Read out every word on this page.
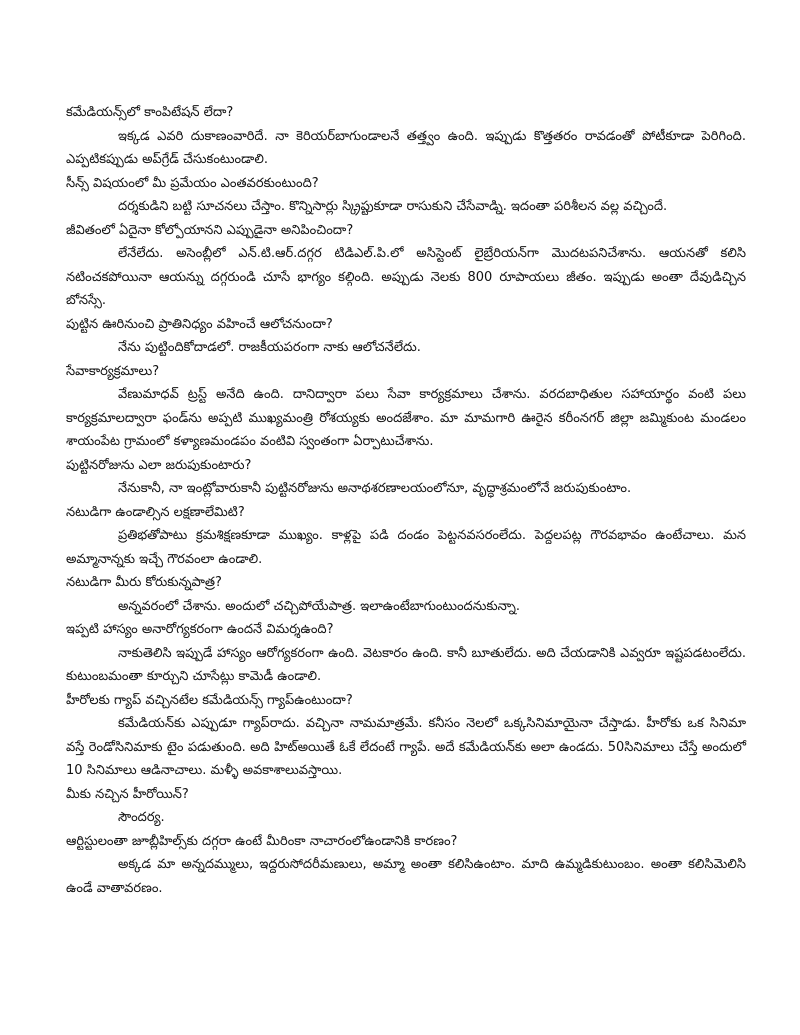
కమేడియన్స్‌లో కాంపిటేషన్ లేదా?

ఇక్కడ ఎవరి దుకాణంవారిదే. నా కెరియర్‌బాగుండాలనే తత్త్వం ఉంది. ఇప్పుడు కొత్తతరం రావడంతో పోటీకూడా పెరిగింది. ఎప్పటికప్పుడు అప్‌గ్రేడ్ చేసుకంటుండాలి.

సీన్స్ విషయంలో మీ ప్రమేయం ఎంతవరకుంటుంది?

దర్శకుడిని బట్టి సూచనలు చేస్తాం. కొన్నిసార్లు స్క్రిప్టుకూడా రాసుకుని చేసేవాడ్ని. ఇదంతా పరిశీలన వల్ల వచ్చిందే.

జీవితంలో ఏదైనా కోల్పోయానని ఎప్పుడైనా అనిపించిందా?

లేనేలేదు. అసెంబ్లీలో ఎన్.టి.ఆర్.దగ్గర టిడిఎల్.పి.లో అసిస్టెంట్ లైబ్రేరియన్‌గా మొదటపనిచేశాను. ఆయనతో కలిసి నటించకపోయినా ఆయన్ను దగ్గరుండి చూసే భాగ్యం కల్గింది. అప్పుడు నెలకు 800 రూపాయలు జీతం. ఇప్పుడు అంతా దేవుడిచ్చిన బోనస్సే.

పుట్టిన ఊరినుంచి ప్రాతినిధ్యం వహించే ఆలోచనుందా?

నేను పుట్టిందికోదాడలో. రాజకీయపరంగా నాకు ఆలోచనేలేదు.

సేవాకార్యక్రమాలు?

వేణుమాధవ్ ట్రస్ట్ అనేది ఉంది. దానిద్వారా పలు సేవా కార్యక్రమాలు చేశాను. వరదబాధితుల సహాయార్థం వంటి పలు కార్యక్రమాలద్వారా ఫండ్‌ను అప్పటి ముఖ్యమంత్రి రోశయ్యకు అందజేశాం. మా మామగారి ఊరైన కరీంనగర్ జిల్లా జమ్మికుంట మండలం శాయంపేట గ్రామంలో కళ్యాణమండపం వంటివి స్వంతంగా ఏర్పాటుచేశాను.

పుట్టినరోజును ఎలా జరుపుకుంటారు?

నేనుకానీ, నా ఇంట్లోవారుకానీ పుట్టినరోజును అనాథశరణాలయంలోనూ, వృద్ధాశ్రమంలోనే జరుపుకుంటాం.

నటుడిగా ఉండాల్సిన లక్షణాలేమిటి?

ప్రతిభతోపాటు క్రమశిక్షణకూడా ముఖ్యం. కాళ్లపై పడి దండం పెట్టనవసరంలేదు. పెద్దలపట్ల గౌరవభావం ఉంటేచాలు. మన అమ్మానాన్నకు ఇచ్చే గౌరవంలా ఉండాలి.

నటుడిగా మీరు కోరుకున్నపాత్ర?

అన్నవరంలో చేశాను. అందులో చచ్చిపోయేపాత్ర. ఇలాఉంటేబాగుంటుందనుకున్నా.

ఇప్పటి హాస్యం అనారోగ్యకరంగా ఉందనే విమర్శఉంది?

నాకుతెలిసి ఇప్పుడే హాస్యం ఆరోగ్యకరంగా ఉంది. వెటకారం ఉంది. కానీ బూతులేదు. అది చేయడానికి ఎవ్వరూ ఇష్టపడటంలేదు. కుటుంబమంతా కూర్చుని చూసేట్లు కామెడీ ఉండాలి.

హీరోలకు గ్యాప్ వచ్చినటేల కమేడియన్స్ గ్యాప్‌ఉంటుందా?

కమేడియన్‌కు ఎప్పుడూ గ్యాప్‌రాదు. వచ్చినా నామమాత్రమే. కనీసం నెలలో ఒక్కసినిమాయైనా చేస్తాడు. హీరోకు ఒక సినిమా వస్తే రెండోసినిమాకు టైం పడుతుంది. అది హిట్‌అయితే ఓకే లేదంటే గ్యాపే. అదే కమేడియన్‌కు అలా ఉండదు. 50సినిమాలు చేస్తే అందులో 10 సినిమాలు ఆడినాచాలు. మళ్ళీ అవకాశాలువస్తాయి.

మీకు నచ్చిన హీరోయిన్?

సౌందర్య.

ఆర్టిస్టులంతా జూబ్లీహిల్స్‌కు దగ్గరా ఉంటే మీరింకా నాచారంలోఉండానికి కారణం?

అక్కడ మా అన్నదమ్ములు, ఇద్దరుసోదరీమణులు, అమ్మా అంతా కలిసిఉంటాం. మాది ఉమ్మడికుటుంబం. అంతా కలిసిమెలిసి ఉండే వాతావరణం.
